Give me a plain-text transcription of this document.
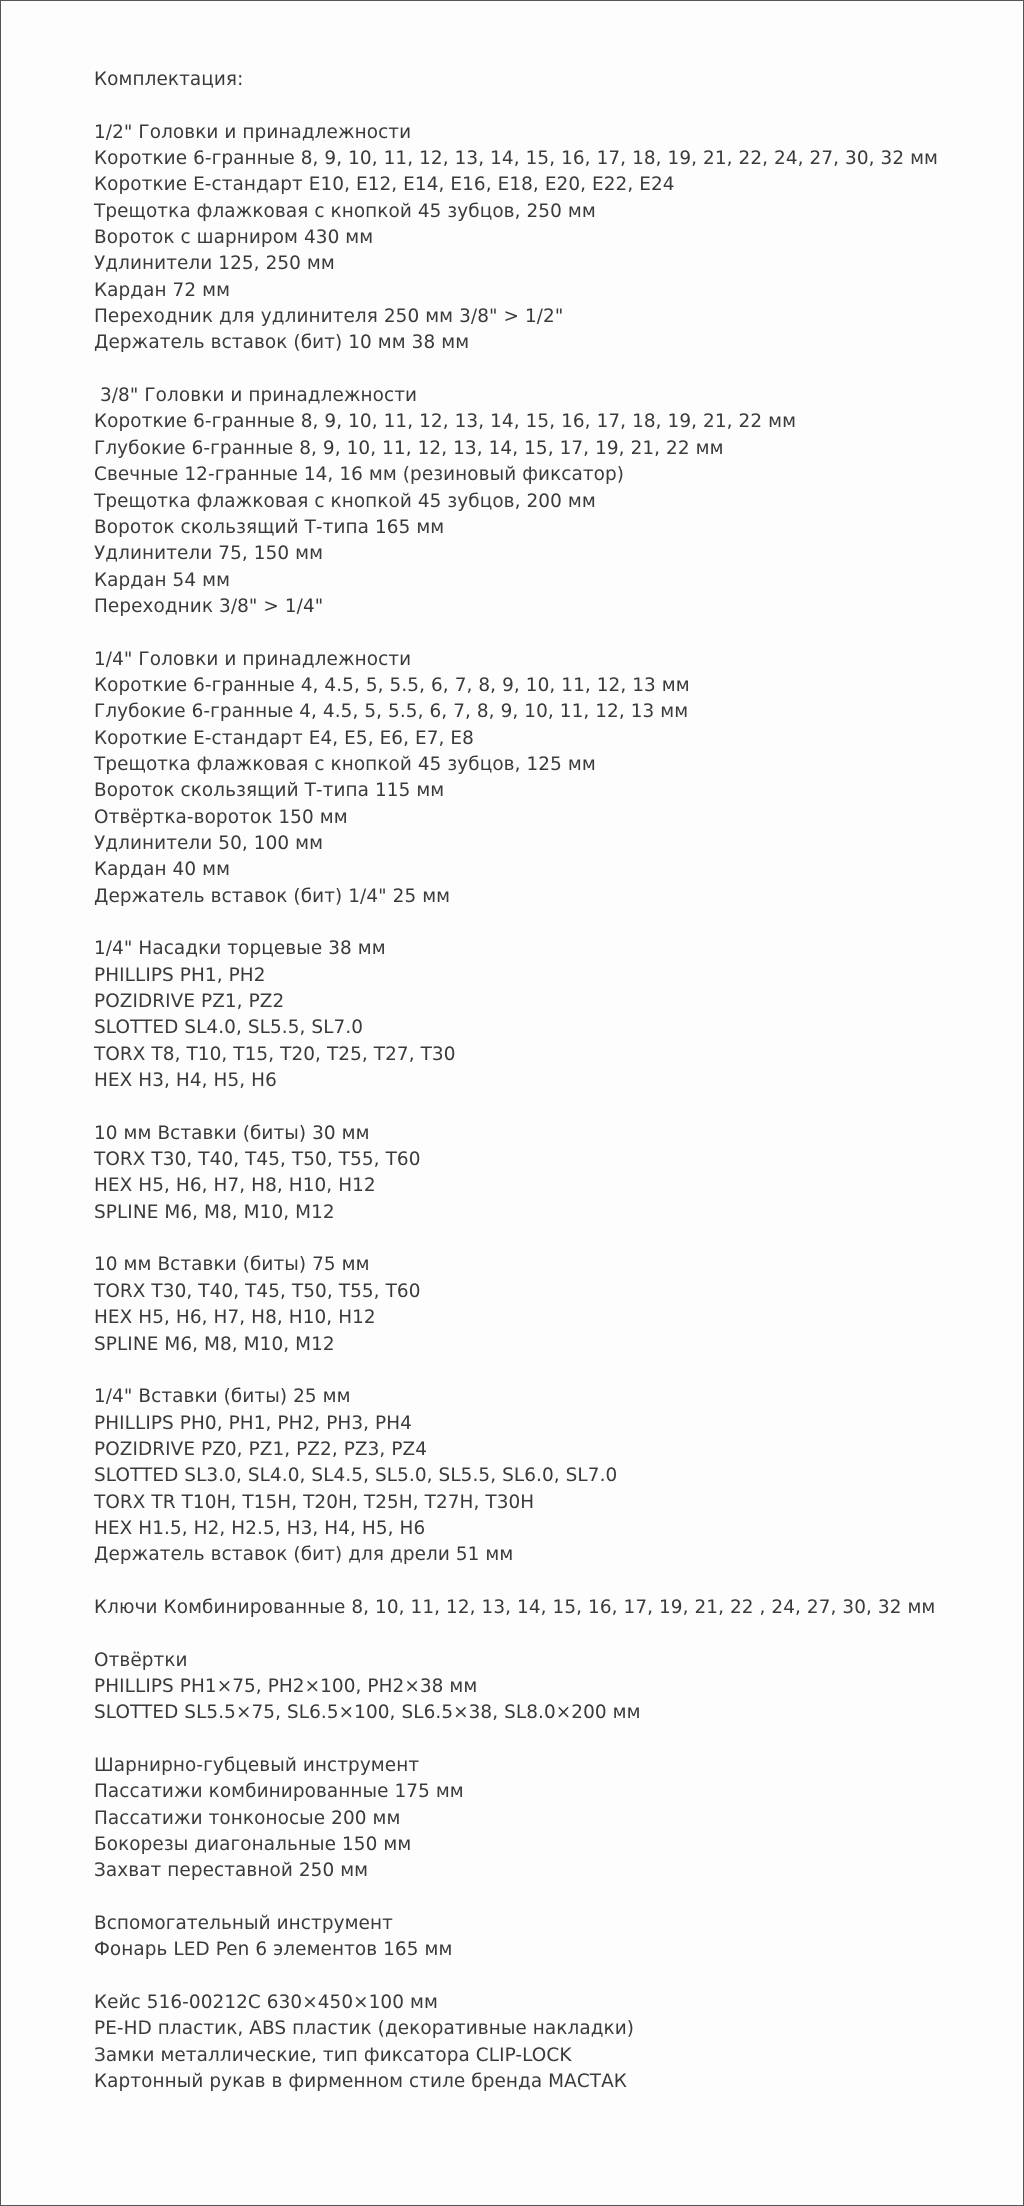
Комплектация:
1/2" Головки и принадлежности
Короткие 6-гранные 8, 9, 10, 11, 12, 13, 14, 15, 16, 17, 18, 19, 21, 22, 24, 27, 30, 32 мм
Короткие Е-стандарт E10, E12, E14, E16, E18, E20, E22, E24
Трещотка флажковая с кнопкой 45 зубцов, 250 мм
Вороток с шарниром 430 мм
Удлинители 125, 250 мм
Кардан 72 мм
Переходник для удлинителя 250 мм 3/8" > 1/2"
Держатель вставок (бит) 10 мм 38 мм
3/8" Головки и принадлежности
Короткие 6-гранные 8, 9, 10, 11, 12, 13, 14, 15, 16, 17, 18, 19, 21, 22 мм
Глубокие 6-гранные 8, 9, 10, 11, 12, 13, 14, 15, 17, 19, 21, 22 мм
Свечные 12-гранные 14, 16 мм (резиновый фиксатор)
Трещотка флажковая с кнопкой 45 зубцов, 200 мм
Вороток скользящий Т-типа 165 мм
Удлинители 75, 150 мм
Кардан 54 мм
Переходник 3/8" > 1/4"
1/4" Головки и принадлежности
Короткие 6-гранные 4, 4.5, 5, 5.5, 6, 7, 8, 9, 10, 11, 12, 13 мм
Глубокие 6-гранные 4, 4.5, 5, 5.5, 6, 7, 8, 9, 10, 11, 12, 13 мм
Короткие Е-стандарт E4, E5, E6, E7, E8
Трещотка флажковая с кнопкой 45 зубцов, 125 мм
Вороток скользящий Т-типа 115 мм
Отвёртка-вороток 150 мм
Удлинители 50, 100 мм
Кардан 40 мм
Держатель вставок (бит) 1/4" 25 мм
1/4" Насадки торцевые 38 мм
PHILLIPS PH1, PH2
POZIDRIVE PZ1, PZ2
SLOTTED SL4.0, SL5.5, SL7.0
TORX T8, T10, T15, T20, T25, T27, T30
HEX H3, H4, H5, H6
10 мм Вставки (биты) 30 мм
TORX T30, T40, T45, T50, T55, T60
HEX H5, H6, H7, H8, H10, H12
SPLINE M6, M8, M10, M12
10 мм Вставки (биты) 75 мм
TORX T30, T40, T45, T50, T55, T60
HEX H5, H6, H7, H8, H10, H12
SPLINE M6, M8, M10, M12
1/4" Вставки (биты) 25 мм
PHILLIPS PH0, PH1, PH2, PH3, PH4
POZIDRIVE PZ0, PZ1, PZ2, PZ3, PZ4
SLOTTED SL3.0, SL4.0, SL4.5, SL5.0, SL5.5, SL6.0, SL7.0
TORX TR T10H, T15H, T20H, T25H, T27H, T30H
HEX H1.5, H2, H2.5, H3, H4, H5, H6
Держатель вставок (бит) для дрели 51 мм
Ключи Комбинированные 8, 10, 11, 12, 13, 14, 15, 16, 17, 19, 21, 22 , 24, 27, 30, 32 мм
Отвёртки
PHILLIPS PH1×75, PH2×100, PH2×38 мм
SLOTTED SL5.5×75, SL6.5×100, SL6.5×38, SL8.0×200 мм
Шарнирно-губцевый инструмент
Пассатижи комбинированные 175 мм
Пассатижи тонконосые 200 мм
Бокорезы диагональные 150 мм
Захват переставной 250 мм
Вспомогательный инструмент
Фонарь LED Pen 6 элементов 165 мм
Кейс 516-00212C 630×450×100 мм
PE-HD пластик, ABS пластик (декоративные накладки)
Замки металлические, тип фиксатора CLIP-LOCK
Картонный рукав в фирменном стиле бренда МАСТАК
